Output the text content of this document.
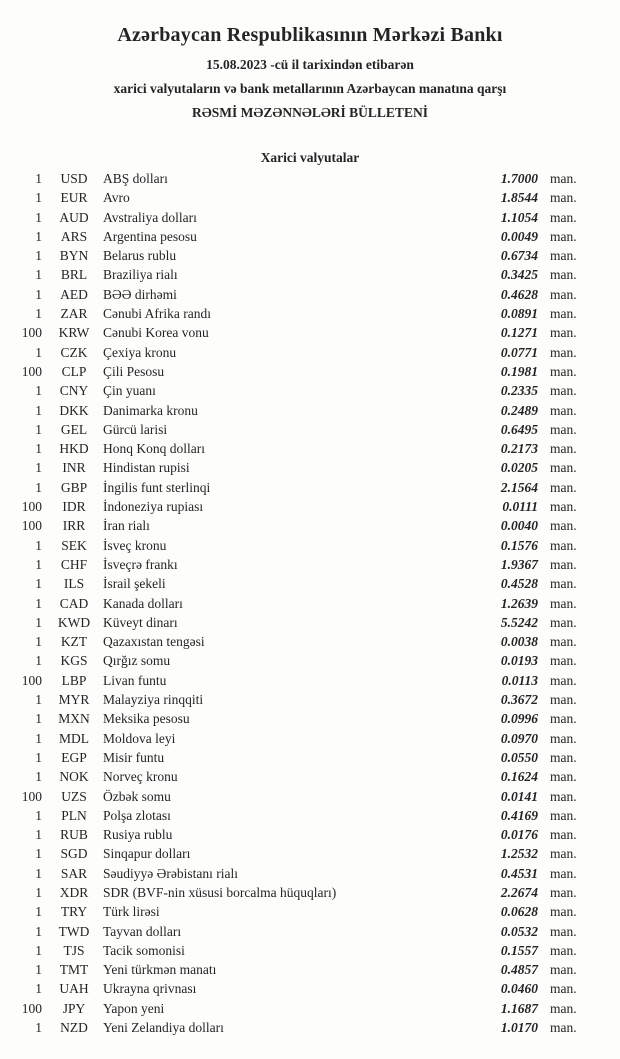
Azərbaycan Respublikasının Mərkəzi Bankı
15.08.2023 -cü il tarixindən etibarən
xarici valyutaların və bank metallarının Azərbaycan manatına qarşı
RƏSMİ MƏZƏNNƏLƏRİ BÜLLETENİ
Xarici valyutalar
1	USD	ABŞ dolları	1.7000 man.
1	EUR	Avro	1.8544 man.
1	AUD	Avstraliya dolları	1.1054 man.
1	ARS	Argentina pesosu	0.0049 man.
1	BYN	Belarus rublu	0.6734 man.
1	BRL	Braziliya rialı	0.3425 man.
1	AED	BƏƏ dirhəmi	0.4628 man.
1	ZAR	Cənubi Afrika randı	0.0891 man.
100	KRW	Cənubi Korea vonu	0.1271 man.
1	CZK	Çexiya kronu	0.0771 man.
100	CLP	Çili Pesosu	0.1981 man.
1	CNY	Çin yuanı	0.2335 man.
1	DKK	Danimarka kronu	0.2489 man.
1	GEL	Gürcü larisi	0.6495 man.
1	HKD	Honq Konq dolları	0.2173 man.
1	INR	Hindistan rupisi	0.0205 man.
1	GBP	İngilis funt sterlinqi	2.1564 man.
100	IDR	İndoneziya rupiası	0.0111 man.
100	IRR	İran rialı	0.0040 man.
1	SEK	İsveç kronu	0.1576 man.
1	CHF	İsveçrə frankı	1.9367 man.
1	ILS	İsrail şekeli	0.4528 man.
1	CAD	Kanada dolları	1.2639 man.
1	KWD Küveyt dinarı	5.5242 man.
1	KZT	Qazaxıstan tengəsi	0.0038 man.
1	KGS	Qırğız somu	0.0193 man.
100	LBP	Livan funtu	0.0113 man.
1	MYR	Malayziya rinqqiti	0.3672 man.
1	MXN Meksika pesosu	0.0996 man.
1	MDL	Moldova leyi	0.0970 man.
1	EGP	Misir funtu	0.0550 man.
1	NOK	Norveç kronu	0.1624 man.
100	UZS	Özbək somu	0.0141 man.
1	PLN	Polşa zlotası	0.4169 man.
1	RUB	Rusiya rublu	0.0176 man.
1	SGD	Sinqapur dolları	1.2532 man.
1	SAR	Səudiyyə Ərəbistanı rialı	0.4531 man.
1	XDR	SDR (BVF-nin xüsusi borcalma hüquqları)	2.2674 man.
1	TRY	Türk lirəsi	0.0628 man.
1	TWD	Tayvan dolları	0.0532 man.
1	TJS	Tacik somonisi	0.1557 man.
1	TMT	Yeni türkmən manatı	0.4857 man.
1	UAH	Ukrayna qrivnası	0.0460 man.
100	JPY	Yapon yeni	1.1687 man.
1	NZD	Yeni Zelandiya dolları	1.0170 man.
